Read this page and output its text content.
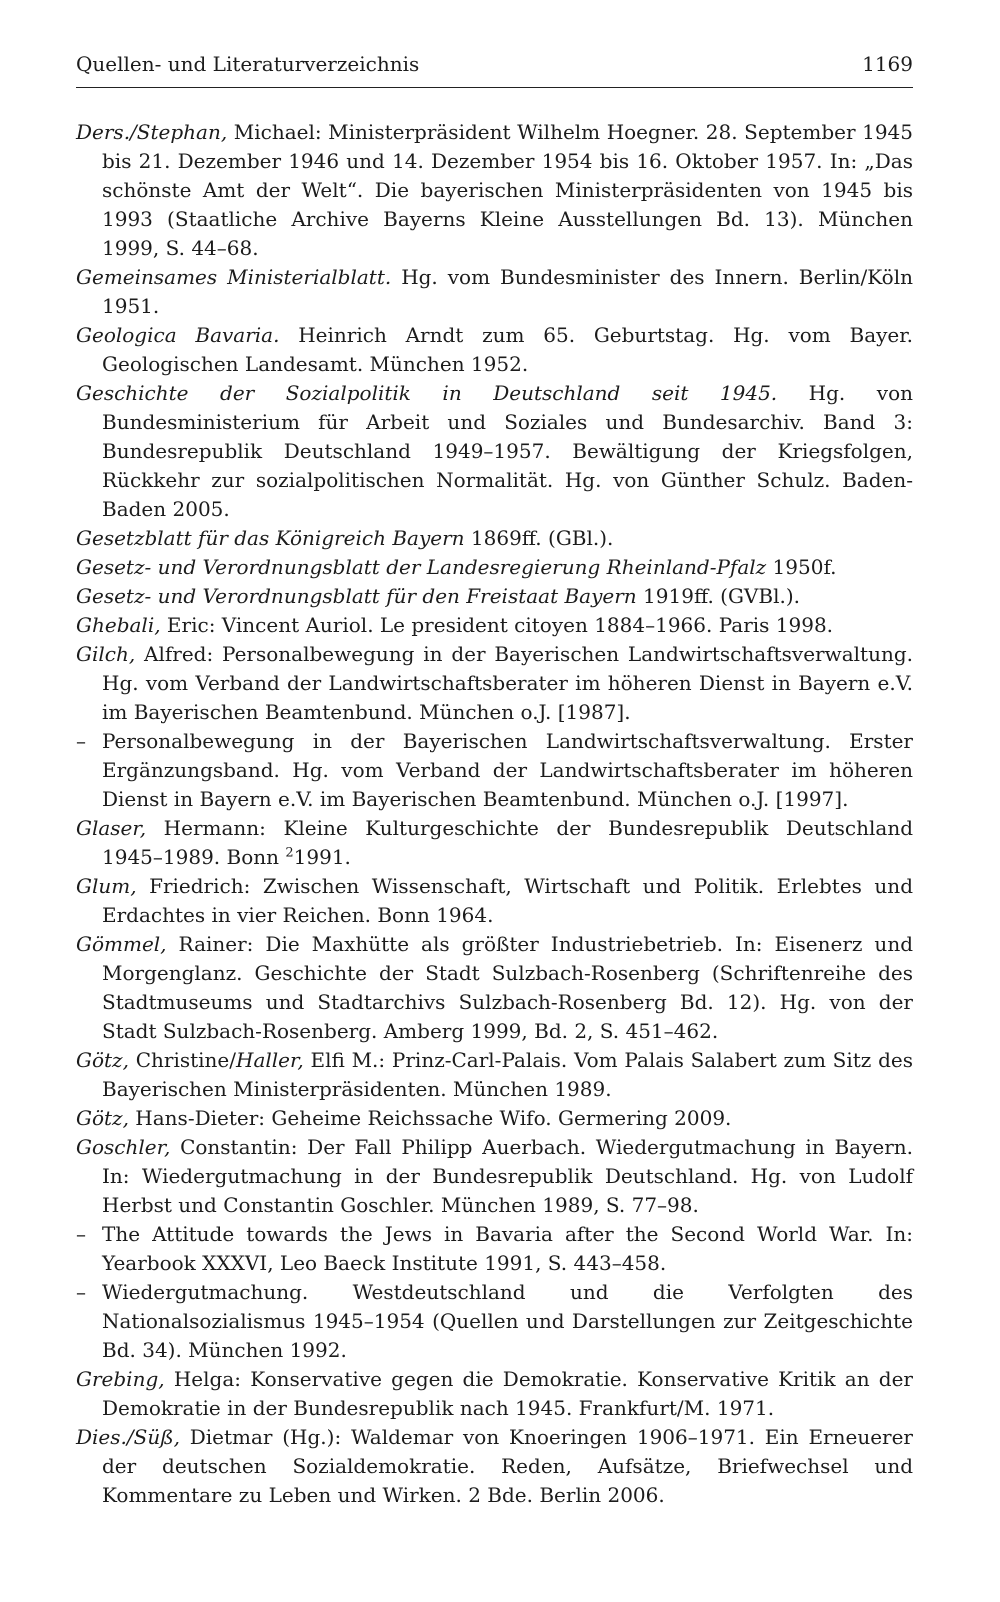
Quellen- und Literaturverzeichnis	1169

Ders./Stephan, Michael: Ministerpräsident Wilhelm Hoegner. 28. September 1945 bis 21. Dezember 1946 und 14. Dezember 1954 bis 16. Oktober 1957. In: „Das schönste Amt der Welt“. Die bayerischen Ministerpräsidenten von 1945 bis 1993 (Staatliche Archive Bayerns Kleine Ausstellungen Bd. 13). München 1999, S. 44–68.

Gemeinsames Ministerialblatt. Hg. vom Bundesminister des Innern. Berlin/Köln 1951.

Geologica Bavaria. Heinrich Arndt zum 65. Geburtstag. Hg. vom Bayer. Geologischen Landesamt. München 1952.

Geschichte der Sozialpolitik in Deutschland seit 1945. Hg. von Bundesministerium für Arbeit und Soziales und Bundesarchiv. Band 3: Bundesrepublik Deutschland 1949–1957. Bewältigung der Kriegsfolgen, Rückkehr zur sozialpolitischen Normalität. Hg. von Günther Schulz. Baden-Baden 2005.

Gesetzblatt für das Königreich Bayern 1869ff. (GBl.).

Gesetz- und Verordnungsblatt der Landesregierung Rheinland-Pfalz 1950f.

Gesetz- und Verordnungsblatt für den Freistaat Bayern 1919ff. (GVBl.).

Ghebali, Eric: Vincent Auriol. Le president citoyen 1884–1966. Paris 1998.

Gilch, Alfred: Personalbewegung in der Bayerischen Landwirtschaftsverwaltung. Hg. vom Verband der Landwirtschaftsberater im höheren Dienst in Bayern e.V. im Bayerischen Beamtenbund. München o.J. [1987].

– Personalbewegung in der Bayerischen Landwirtschaftsverwaltung. Erster Ergänzungsband. Hg. vom Verband der Landwirtschaftsberater im höheren Dienst in Bayern e.V. im Bayerischen Beamtenbund. München o.J. [1997].

Glaser, Hermann: Kleine Kulturgeschichte der Bundesrepublik Deutschland 1945–1989. Bonn $^2$1991.

Glum, Friedrich: Zwischen Wissenschaft, Wirtschaft und Politik. Erlebtes und Erdachtes in vier Reichen. Bonn 1964.

Gömmel, Rainer: Die Maxhütte als größter Industriebetrieb. In: Eisenerz und Morgenglanz. Geschichte der Stadt Sulzbach-Rosenberg (Schriftenreihe des Stadtmuseums und Stadtarchivs Sulzbach-Rosenberg Bd. 12). Hg. von der Stadt Sulzbach-Rosenberg. Amberg 1999, Bd. 2, S. 451–462.

Götz, Christine/Haller, Elfi M.: Prinz-Carl-Palais. Vom Palais Salabert zum Sitz des Bayerischen Ministerpräsidenten. München 1989.

Götz, Hans-Dieter: Geheime Reichssache Wifo. Germering 2009.

Goschler, Constantin: Der Fall Philipp Auerbach. Wiedergutmachung in Bayern. In: Wiedergutmachung in der Bundesrepublik Deutschland. Hg. von Ludolf Herbst und Constantin Goschler. München 1989, S. 77–98.

– The Attitude towards the Jews in Bavaria after the Second World War. In: Yearbook XXXVI, Leo Baeck Institute 1991, S. 443–458.

– Wiedergutmachung. Westdeutschland und die Verfolgten des Nationalsozialismus 1945–1954 (Quellen und Darstellungen zur Zeitgeschichte Bd. 34). München 1992.

Grebing, Helga: Konservative gegen die Demokratie. Konservative Kritik an der Demokratie in der Bundesrepublik nach 1945. Frankfurt/M. 1971.

Dies./Süß, Dietmar (Hg.): Waldemar von Knoeringen 1906–1971. Ein Erneuerer der deutschen Sozialdemokratie. Reden, Aufsätze, Briefwechsel und Kommentare zu Leben und Wirken. 2 Bde. Berlin 2006.
